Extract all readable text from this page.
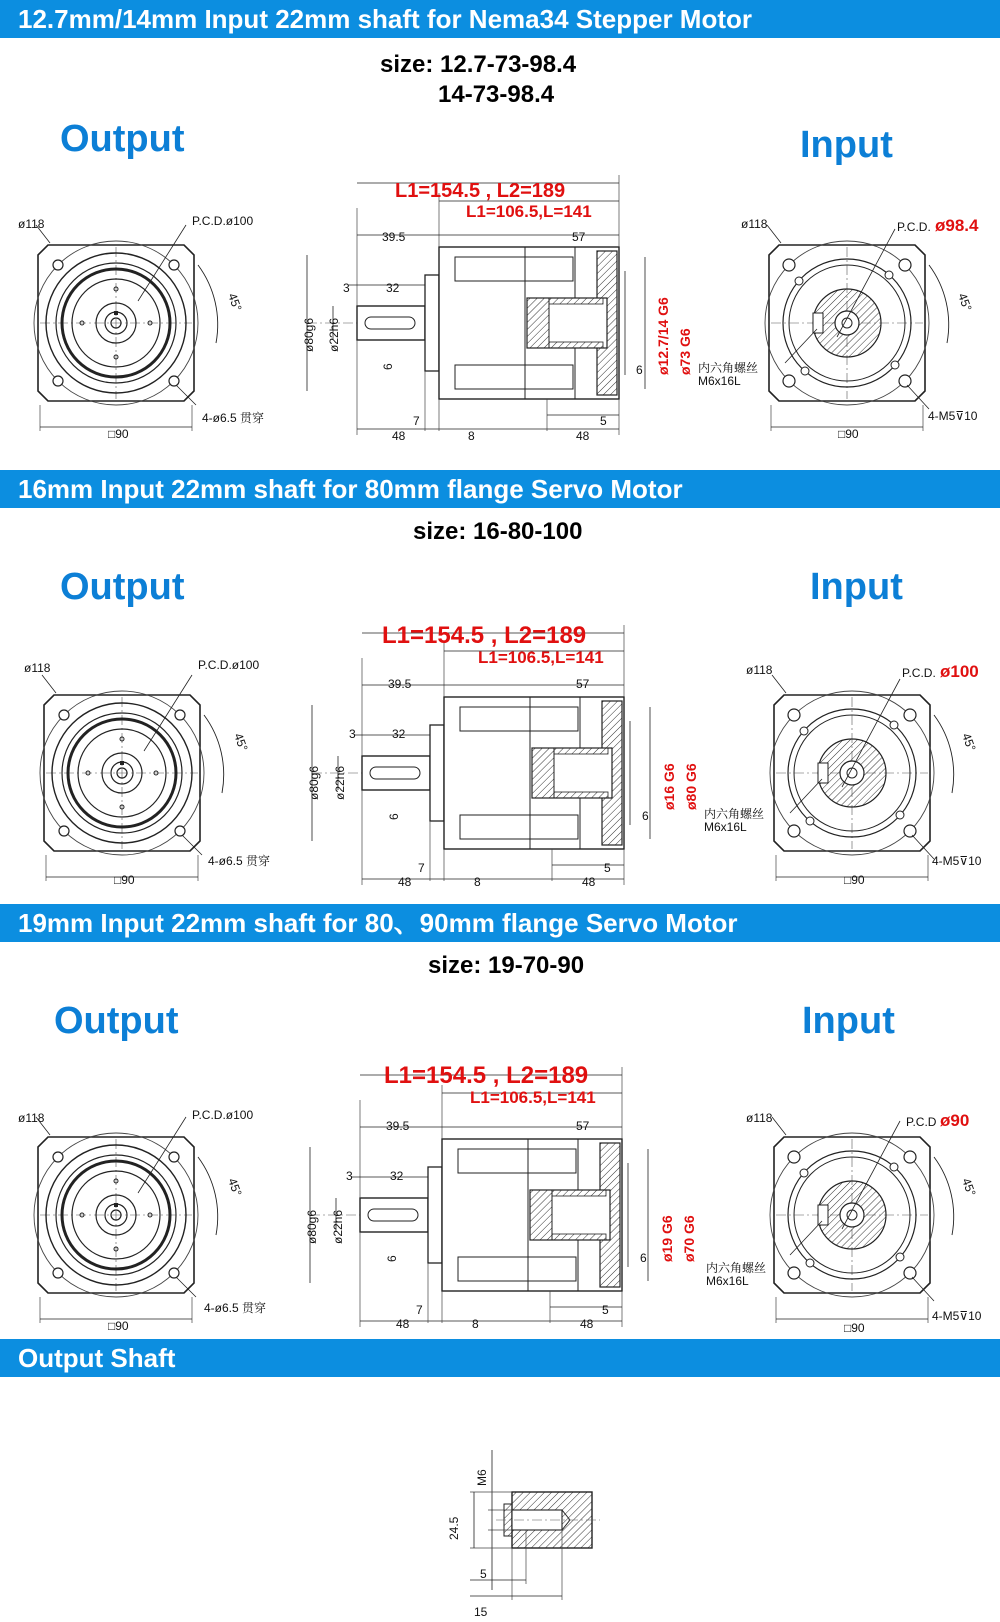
12.7mm/14mm Input 22mm shaft for Nema34 Stepper Motor
16mm Input 22mm shaft for 80mm flange Servo Motor
19mm Input 22mm shaft for 80、90mm flange Servo Motor
Output Shaft
size: 12.7-73-98.4
14-73-98.4
size: 16-80-100
size: 19-70-90
Output	Input
Output	Input
Output	Input
ø118	P.C.D.ø100
45°
4-ø6.5 贯穿
□90
L1=154.5 , L2=189
L1=106.5,L=141
39.5	57
3	32
ø80g6 ø22h6
6
7
48	8	48
5
6 ø12.7/14 G6 ø73 G6
ø118	P.C.D. ø98.4
45°
内六角螺丝
M6x16L
4-M5⊽10
□90
ø118	P.C.D.ø100
45°
4-ø6.5 贯穿
□90
L1=154.5 , L2=189
L1=106.5,L=141
39.5	57
3	32
ø80g6 ø22h6
6
7
48	8	48
5
6
ø16 G6 ø80 G6
ø118	P.C.D. ø100
45°
内六角螺丝
M6x16L
4-M5⊽10
□90
ø118	P.C.D.ø100
45°
4-ø6.5 贯穿
□90
L1=154.5 , L2=189
L1=106.5,L=141
39.5	57
3	32
ø80g6 ø22h6
6
7
48	8	48
5
6 ø19 G6 ø70 G6
ø118	P.C.D ø90
45°
内六角螺丝
M6x16L
4-M5⊽10
□90
M6
24.5
5
15
